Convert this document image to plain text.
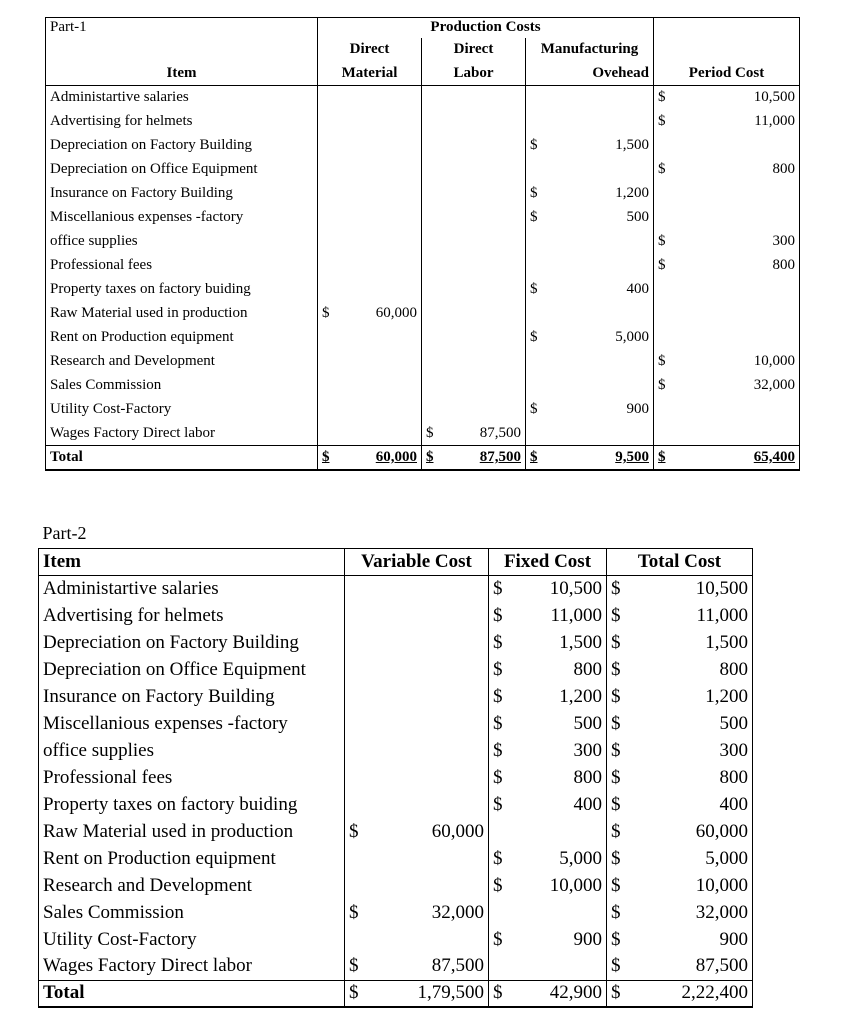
Part-1	Production Costs			
	Direct	Direct	Manufacturing	
Item	Material	Labor	Ovehead	Period Cost
Administartive salaries				$ 10,500
Advertising for helmets				$ 11,000
Depreciation on Factory Building			$ 1,500	
Depreciation on Office Equipment				$ 800
Insurance on Factory Building			$ 1,200	
Miscellanious expenses -factory			$ 500	
office supplies				$ 300
Professional fees				$ 800
Property taxes on factory buiding			$ 400	
Raw Material used in production	$ 60,000			
Rent on Production equipment			$ 5,000	
Research and Development				$ 10,000
Sales Commission				$ 32,000
Utility Cost-Factory			$ 900	
Wages Factory Direct labor		$ 87,500		
Total	$ 60,000	$ 87,500	$ 9,500	$ 65,400
Part-2			
Item	Variable Cost	Fixed Cost	Total Cost
Administartive salaries		$ 10,500	$ 10,500
Advertising for helmets		$ 11,000	$ 11,000
Depreciation on Factory Building		$ 1,500	$ 1,500
Depreciation on Office Equipment		$ 800	$ 800
Insurance on Factory Building		$ 1,200	$ 1,200
Miscellanious expenses -factory		$ 500	$ 500
office supplies		$ 300	$ 300
Professional fees		$ 800	$ 800
Property taxes on factory buiding		$ 400	$ 400
Raw Material used in production	$ 60,000		$ 60,000
Rent on Production equipment		$ 5,000	$ 5,000
Research and Development		$ 10,000	$ 10,000
Sales Commission	$ 32,000		$ 32,000
Utility Cost-Factory		$ 900	$ 900
Wages Factory Direct labor	$ 87,500		$ 87,500
Total	$ 1,79,500	$ 42,900	$ 2,22,400
